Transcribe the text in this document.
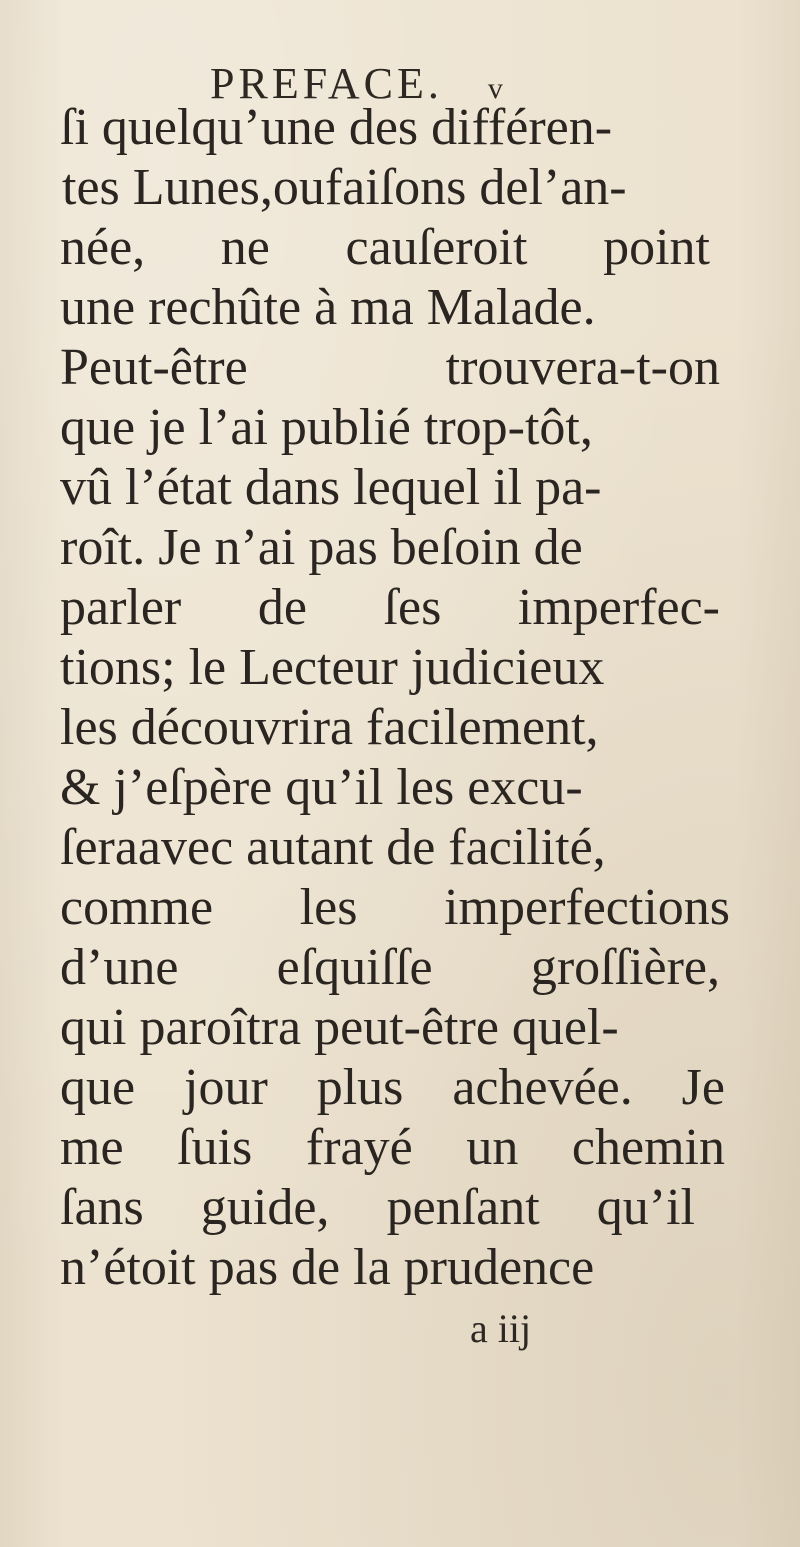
PREFACE. v
ſi quelqu’une des différen-
tes Lunes,oufaiſons del’an-
née, ne cauſeroit point
une rechûte à ma Malade.
Peut-être trouvera-t-on
que je l’ai publié trop-tôt,
vû l’état dans lequel il pa-
roît. Je n’ai pas beſoin de
parler de ſes imperfec-
tions; le Lecteur judicieux
les découvrira facilement,
& j’eſpère qu’il les excu-
ſeraavec autant de facilité,
comme les imperfections
d’une eſquiſſe groſſière,
qui paroîtra peut-être quel-
que jour plus achevée. Je
me ſuis frayé un chemin
ſans guide, penſant qu’il
n’étoit pas de la prudence
a iij
